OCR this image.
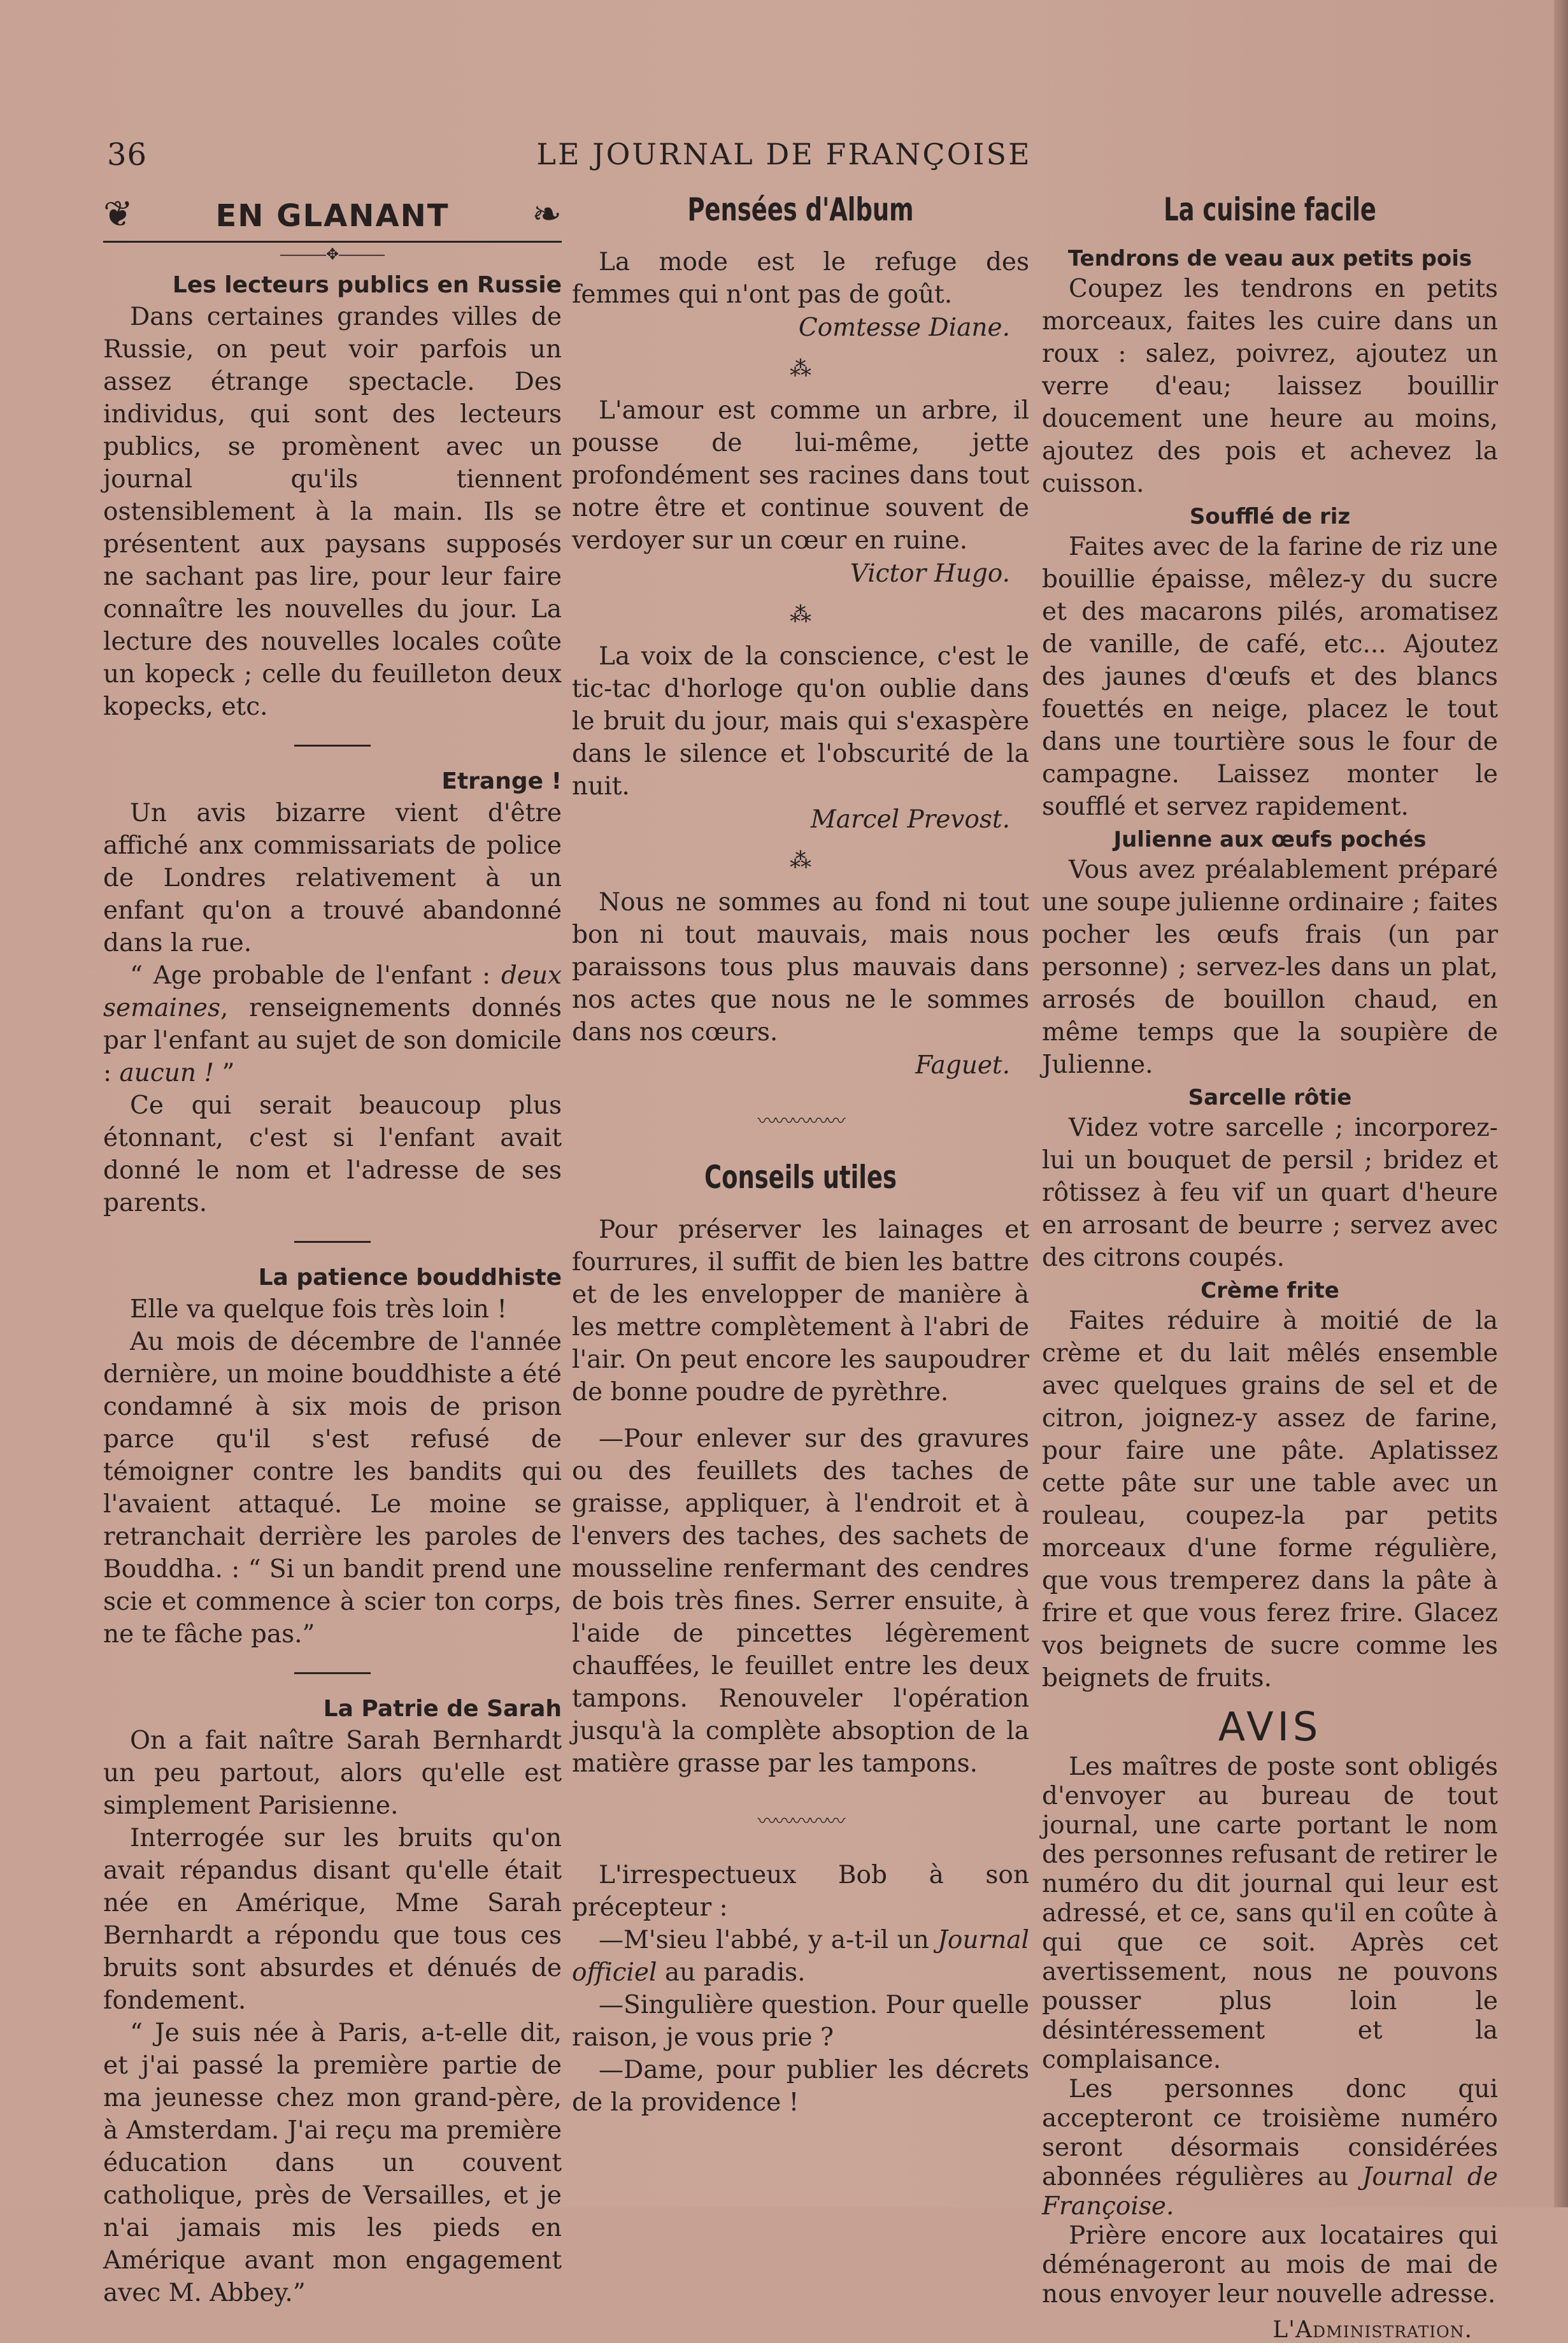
36	LE JOURNAL DE FRANÇOISE
❦	EN GLANANT ❧
―――✥―――
Les lecteurs publics en Russie

Dans certaines grandes villes de Russie, on peut voir parfois un assez étrange spectacle. Des individus, qui sont des lecteurs publics, se promènent avec un journal qu'ils tiennent ostensiblement à la main. Ils se présentent aux paysans supposés ne sachant pas lire, pour leur faire connaître les nouvelles du jour. La lecture des nouvelles locales coûte un kopeck ; celle du feuilleton deux kopecks, etc.

Etrange !

Un avis bizarre vient d'être affiché anx commissariats de police de Londres relativement à un enfant qu'on a trouvé abandonné dans la rue.

“ Age probable de l'enfant : deux semaines, renseignements donnés par l'enfant au sujet de son domicile : aucun ! ”

Ce qui serait beaucoup plus étonnant, c'est si l'enfant avait donné le nom et l'adresse de ses parents.

La patience bouddhiste

Elle va quelque fois très loin !

Au mois de décembre de l'année dernière, un moine bouddhiste a été condamné à six mois de prison parce qu'il s'est refusé de témoigner contre les bandits qui l'avaient attaqué. Le moine se retranchait derrière les paroles de Bouddha. : “ Si un bandit prend une scie et commence à scier ton corps, ne te fâche pas.”

La Patrie de Sarah

On a fait naître Sarah Bernhardt un peu partout, alors qu'elle est simplement Parisienne.

Interrogée sur les bruits qu'on avait répandus disant qu'elle était née en Amérique, Mme Sarah Bernhardt a répondu que tous ces bruits sont absurdes et dénués de fondement.

“ Je suis née à Paris, a-t-elle dit, et j'ai passé la première partie de ma jeunesse chez mon grand-père, à Amsterdam. J'ai reçu ma première éducation dans un couvent catholique, près de Versailles, et je n'ai jamais mis les pieds en Amérique avant mon engagement avec M. Abbey.”

Pensées d'Album

La mode est le refuge des femmes qui n'ont pas de goût.

Comtesse Diane.
⁂

L'amour est comme un arbre, il pousse de lui-même, jette profondément ses racines dans tout notre être et continue souvent de verdoyer sur un cœur en ruine.

Victor Hugo.
⁂

La voix de la conscience, c'est le tic-tac d'horloge qu'on oublie dans le bruit du jour, mais qui s'exaspère dans le silence et l'obscurité de la nuit.

Marcel Prevost.
⁂

Nous ne sommes au fond ni tout bon ni tout mauvais, mais nous paraissons tous plus mauvais dans nos actes que nous ne le sommes dans nos cœurs.

Faguet.
〰〰〰〰〰
Conseils utiles

Pour préserver les lainages et fourrures, il suffit de bien les battre et de les envelopper de manière à les mettre complètement à l'abri de l'air. On peut encore les saupoudrer de bonne poudre de pyrèthre.

—Pour enlever sur des gravures ou des feuillets des taches de graisse, appliquer, à l'endroit et à l'envers des taches, des sachets de mousseline renfermant des cendres de bois très fines. Serrer ensuite, à l'aide de pincettes légèrement chauffées, le feuillet entre les deux tampons. Renouveler l'opération jusqu'à la complète absoption de la matière grasse par les tampons.

〰〰〰〰〰

L'irrespectueux Bob à son précepteur :

—M'sieu l'abbé, y a-t-il un Journal officiel au paradis.

—Singulière question. Pour quelle raison, je vous prie ?

—Dame, pour publier les décrets de la providence !

La cuisine facile
Tendrons de veau aux petits pois

Coupez les tendrons en petits morceaux, faites les cuire dans un roux : salez, poivrez, ajoutez un verre d'eau; laissez bouillir doucement une heure au moins, ajoutez des pois et achevez la cuisson.

Soufflé de riz

Faites avec de la farine de riz une bouillie épaisse, mêlez-y du sucre et des macarons pilés, aromatisez de vanille, de café, etc... Ajoutez des jaunes d'œufs et des blancs fouettés en neige, placez le tout dans une tourtière sous le four de campagne. Laissez monter le soufflé et servez rapidement.

Julienne aux œufs pochés

Vous avez préalablement préparé une soupe julienne ordinaire ; faites pocher les œufs frais (un par personne) ; servez-les dans un plat, arrosés de bouillon chaud, en même temps que la soupière de Julienne.

Sarcelle rôtie

Videz votre sarcelle ; incorporez-lui un bouquet de persil ; bridez et rôtissez à feu vif un quart d'heure en arrosant de beurre ; servez avec des citrons coupés.

Crème frite

Faites réduire à moitié de la crème et du lait mêlés ensemble avec quelques grains de sel et de citron, joignez-y assez de farine, pour faire une pâte. Aplatissez cette pâte sur une table avec un rouleau, coupez-la par petits morceaux d'une forme régulière, que vous tremperez dans la pâte à frire et que vous ferez frire. Glacez vos beignets de sucre comme les beignets de fruits.

AVIS

Les maîtres de poste sont obligés d'envoyer au bureau de tout journal, une carte portant le nom des personnes refusant de retirer le numéro du dit journal qui leur est adressé, et ce, sans qu'il en coûte à qui que ce soit. Après cet avertissement, nous ne pouvons pousser plus loin le désintéressement et la complaisance.

Les personnes donc qui accepteront ce troisième numéro seront désormais considérées abonnées régulières au Journal de Françoise.

Prière encore aux locataires qui déménageront au mois de mai de nous envoyer leur nouvelle adresse.

L'Administration.
